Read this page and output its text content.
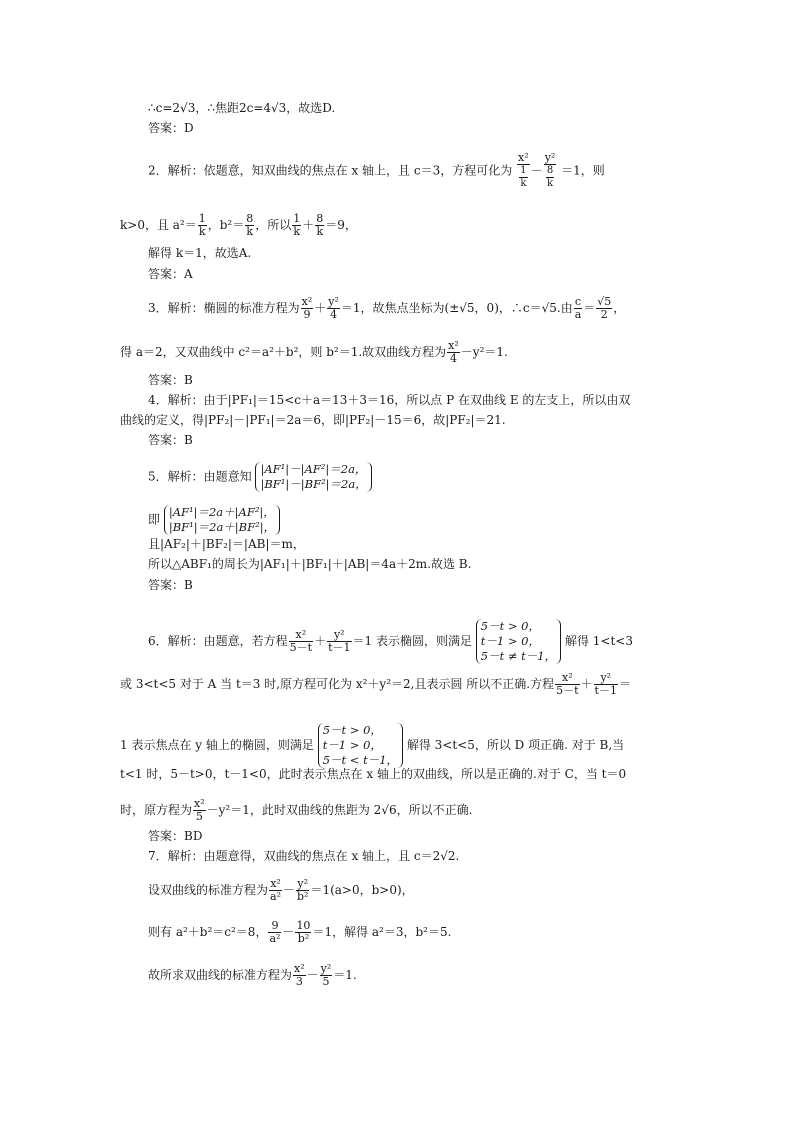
∴c=2√3，∴焦距2c=4√3，故选D.
答案：D
2．解析：依题意，知双曲线的焦点在 x 轴上，且 c＝3，方程可化为 x²
1
k － y²
8
k ＝1，则
k>0，且 $a^2= \frac{1}{k}$ ，$b^2= \frac{8}{k}$ ，所以 $\frac{1}{k} + \frac{8}{k} =9$，
解得 k＝1，故选A.
答案：A
3．解析：椭圆的标准方程为 $\frac{\text{x²}}{9} + \frac{\text{y²}}{4} =1$，故焦点坐标为(±√5，0)，∴c＝√5.由 $\frac{c}{a} = \frac{√5}{2}$ ，
得 a＝2，又双曲线中 c²＝a²＋b²，则 b²＝1.故双曲线方程为 $\frac{\text{x²}}{4} -y^2=1$.
答案：B
4．解析：由于|PF₁|＝15<c＋a＝13＋3＝16，所以点 P 在双曲线 E 的左支上，所以由双
曲线的定义，得|PF₂|－|PF₁|＝2a＝6，即|PF₂|－15＝6，故|PF₂|＝21.
答案：B
5．解析：由题意知
|AF¹|－|AF²|＝2a，
|BF¹|－|BF²|＝2a，
即
|AF¹|＝2a＋|AF²|，
|BF¹|＝2a＋|BF²|，
且|AF₂|＋|BF₂|＝|AB|＝m，
所以△ABF₁的周长为|AF₁|＋|BF₁|＋|AB|＝4a＋2m.故选 B.
答案：B
6．解析：由题意，若方程 $\frac{\text{x²}}{5-t} + \frac{\text{y²}}{t-1} =1$ 表示椭圆，则满足
5－t > 0，
t－1 > 0，
5－t ≠ t－1，
解得 1<t<3
或 3<t<5 对于 A 当 t＝3 时,原方程可化为 x²＋y²＝2,且表示圆 所以不正确.方程 $\frac{\text{x²}}{5-t} + \frac{\text{y²}}{t-1}$ ＝
1 表示焦点在 y 轴上的椭圆，则满足
5－t > 0，
t－1 > 0，
5－t < t－1，
解得 3<t<5，所以 D 项正确. 对于 B,当
t<1 时，5－t>0，t－1<0，此时表示焦点在 x 轴上的双曲线，所以是正确的.对于 C，当 t＝0
时，原方程为 $\frac{\text{x²}}{5} -y^2=1$，此时双曲线的焦距为 2√6，所以不正确.
答案：BD
7．解析：由题意得，双曲线的焦点在 x 轴上，且 c＝2√2.
设双曲线的标准方程为 $\frac{\text{x²}}{\text{a²}} - \frac{\text{y²}}{\text{b²}} =1(a>0$，b>0)，
则有 a²＋b²＝c²＝8， $\frac{9}{\text{a²}} - \frac{10}{\text{b²}} =1$，解得 a²＝3，b²＝5.
故所求双曲线的标准方程为 $\frac{\text{x²}}{3} - \frac{\text{y²}}{5} =1$.
